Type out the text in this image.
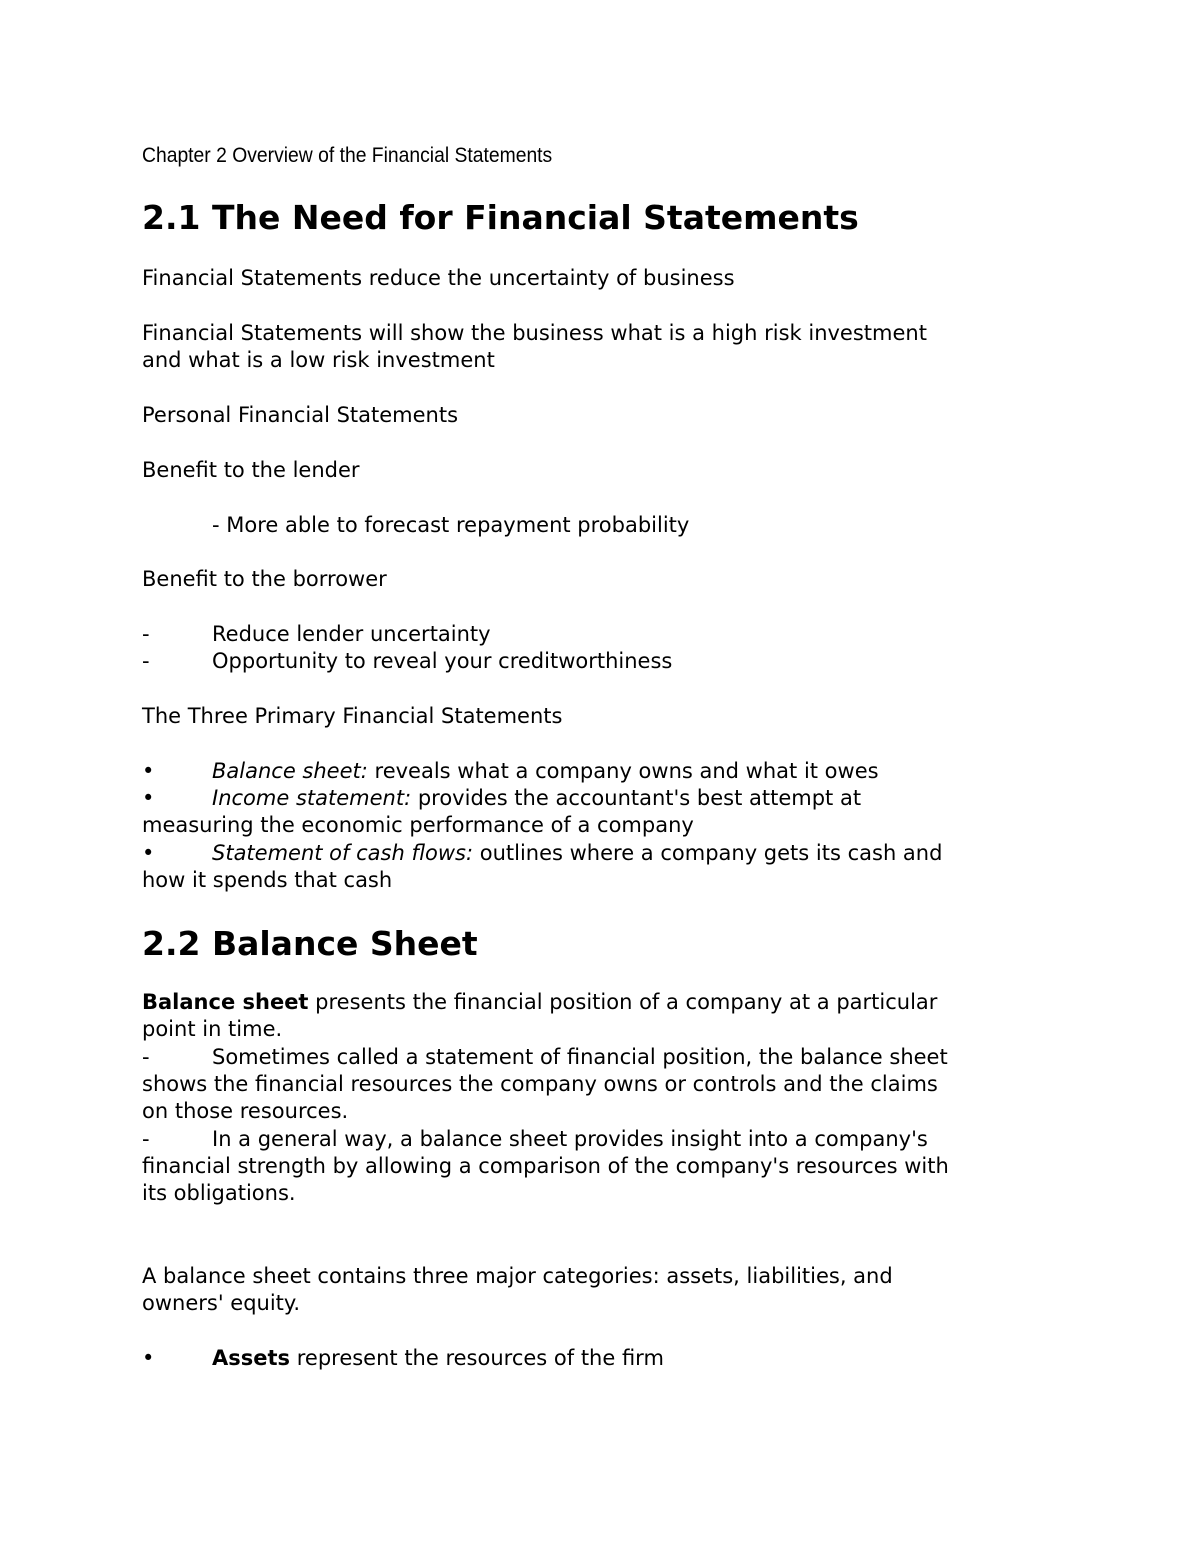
Chapter 2 Overview of the Financial Statements

2.1 The Need for Financial Statements

Financial Statements reduce the uncertainty of business

Financial Statements will show the business what is a high risk investment
and what is a low risk investment

Personal Financial Statements

Benefit to the lender

- More able to forecast repayment probability

Benefit to the borrower

-	Reduce lender uncertainty
-	Opportunity to reveal your creditworthiness

The Three Primary Financial Statements

•	Balance sheet: reveals what a company owns and what it owes
•	Income statement: provides the accountant's best attempt at

measuring the economic performance of a company

•	Statement of cash flows: outlines where a company gets its cash and

how it spends that cash

2.2 Balance Sheet

Balance sheet presents the financial position of a company at a particular
point in time.

-	Sometimes called a statement of financial position, the balance sheet

shows the financial resources the company owns or controls and the claims

on those resources.

-	In a general way, a balance sheet provides insight into a company's

financial strength by allowing a comparison of the company's resources with

its obligations.

A balance sheet contains three major categories: assets, liabilities, and
owners' equity.

•	Assets represent the resources of the firm
